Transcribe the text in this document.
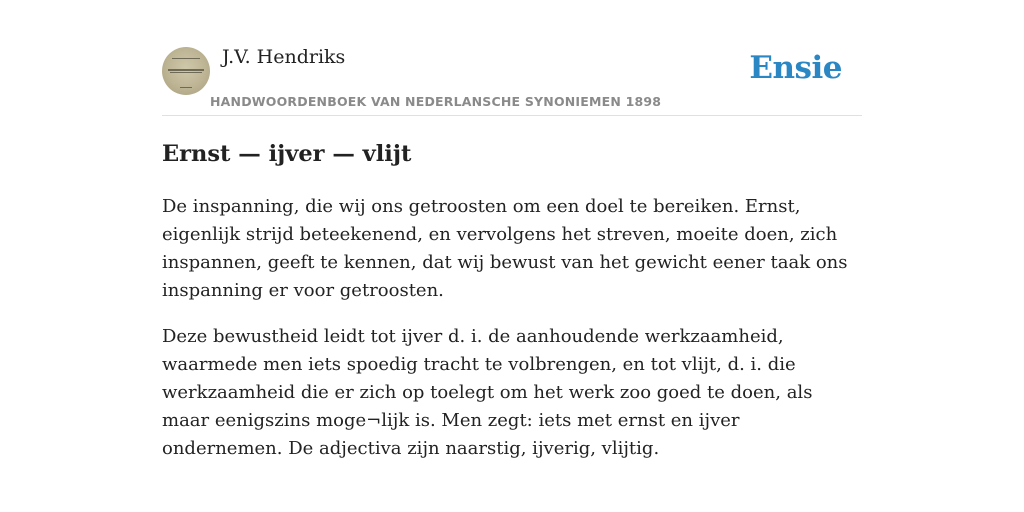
J.V. Hendriks
HANDWOORDENBOEK VAN NEDERLANSCHE SYNONIEMEN 1898
Ensie
Ernst — ijver — vlijt

De inspanning, die wij ons getroosten om een doel te bereiken. Ernst, eigenlijk strijd beteekenend, en vervolgens het streven, moeite doen, zich inspannen, geeft te kennen, dat wij bewust van het gewicht eener taak ons inspanning er voor getroosten.

Deze bewustheid leidt tot ijver d. i. de aanhoudende werkzaamheid, waarmede men iets spoedig tracht te volbrengen, en tot vlijt, d. i. die werkzaamheid die er zich op toelegt om het werk zoo goed te doen, als maar eenigszins moge¬lijk is. Men zegt: iets met ernst en ijver ondernemen. De adjectiva zijn naarstig, ijverig, vlijtig.
